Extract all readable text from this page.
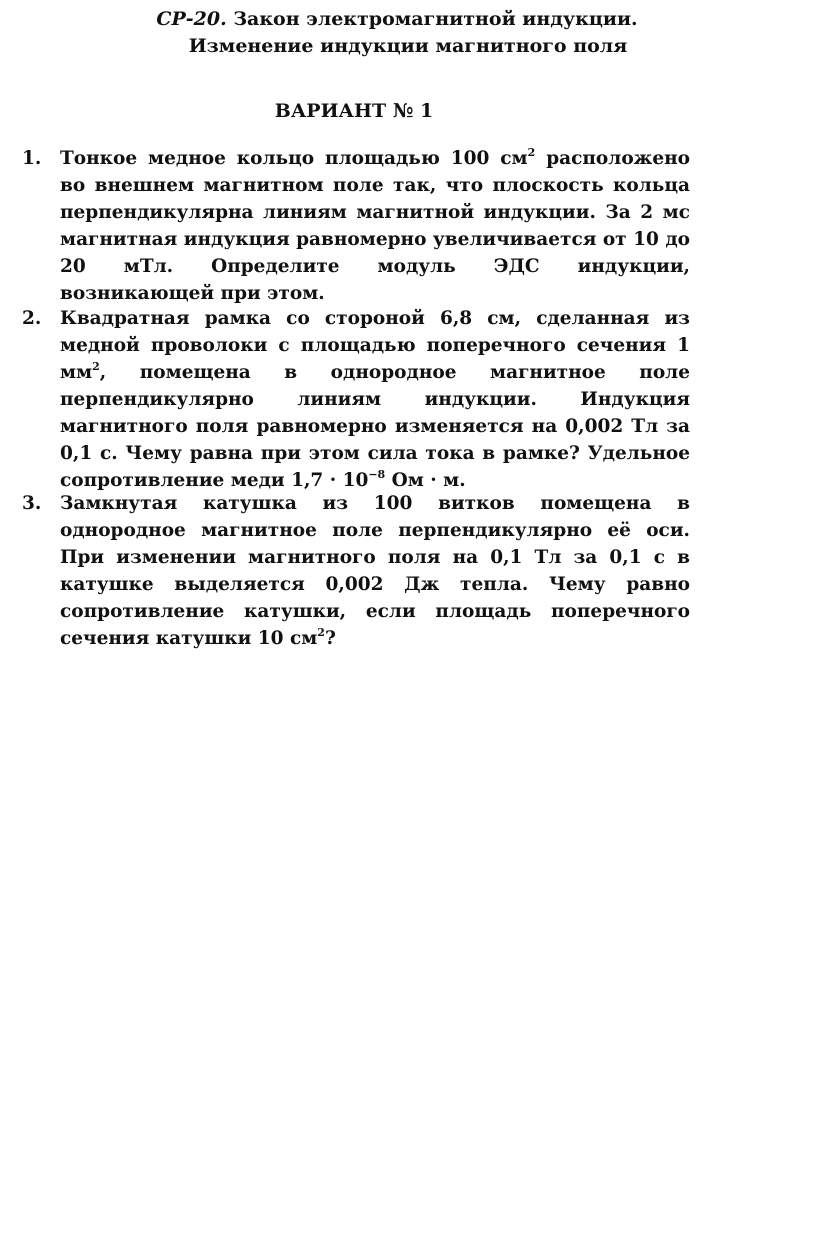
СР-20. Закон электромагнитной индукции.
Изменение индукции магнитного поля
ВАРИАНТ № 1
1.	Тонкое медное кольцо площадью 100 $см^2$ расположено во внешнем магнитном поле так, что плоскость кольца перпендикулярна линиям магнитной индукции. За 2 мс магнитная индукция равномерно увеличивается от 10 до 20 мТл. Определите модуль ЭДС индукции, возникающей при этом.
2.	Квадратная рамка со стороной 6,8 см, сделанная из медной проволоки с площадью поперечного сечения 1 $мм^2$, помещена в однородное магнитное поле перпендикулярно линиям индукции. Индукция магнитного поля равномерно изменяется на 0,002 Тл за 0,1 с. Чему равна при этом сила тока в рамке? Удельное сопротивление меди $1,7 \cdot 10^{-8}$ Ом · м.
3.	Замкнутая катушка из 100 витков помещена в однородное магнитное поле перпендикулярно её оси. При изменении магнитного поля на 0,1 Тл за 0,1 с в катушке выделяется 0,002 Дж тепла. Чему равно сопротивление катушки, если площадь поперечного сечения катушки 10 $см^2$?
